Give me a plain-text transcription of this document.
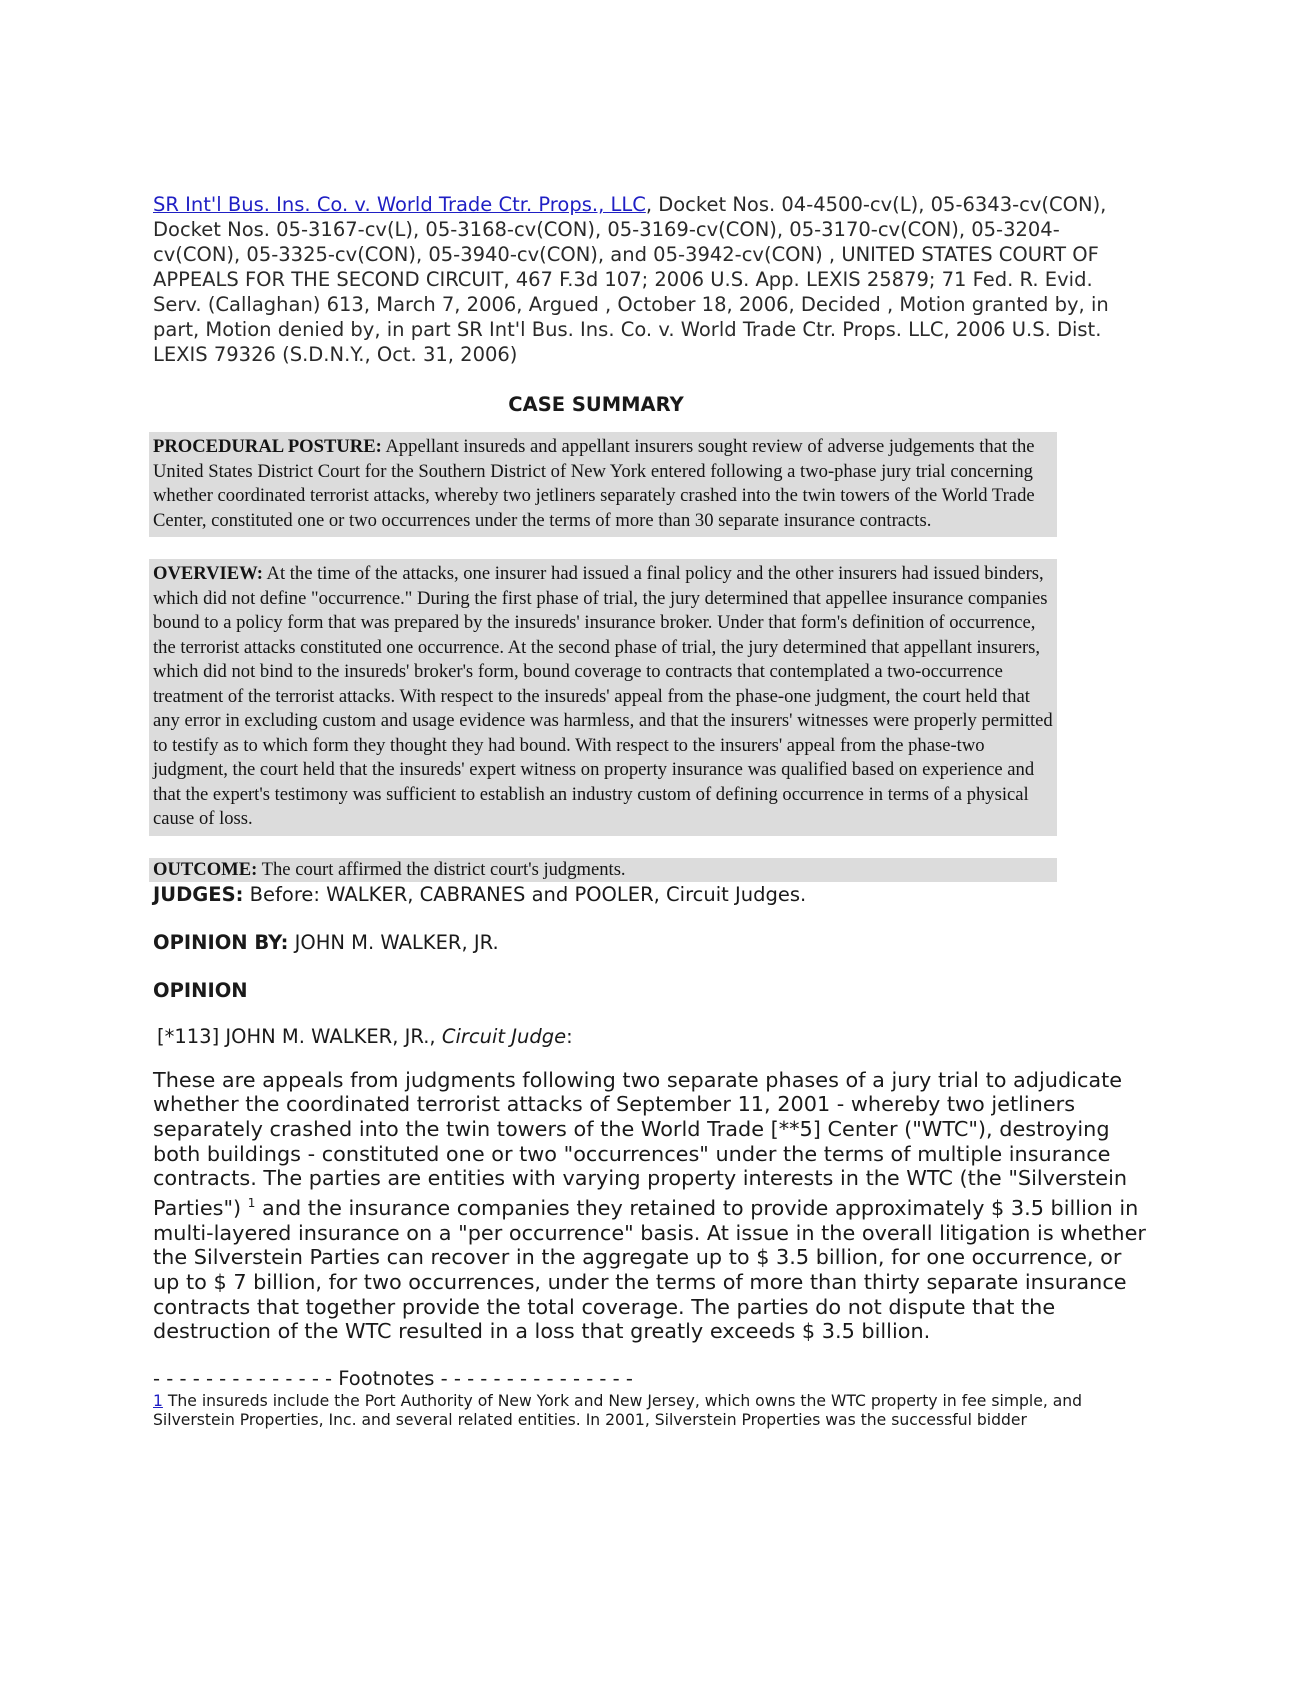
SR Int'l Bus. Ins. Co. v. World Trade Ctr. Props., LLC, Docket Nos. 04-4500-cv(L), 05-6343-cv(CON), Docket Nos. 05-3167-cv(L), 05-3168-cv(CON), 05-3169-cv(CON), 05-3170-cv(CON), 05-3204-cv(CON), 05-3325-cv(CON), 05-3940-cv(CON), and 05-3942-cv(CON) , UNITED STATES COURT OF APPEALS FOR THE SECOND CIRCUIT, 467 F.3d 107; 2006 U.S. App. LEXIS 25879; 71 Fed. R. Evid. Serv. (Callaghan) 613, March 7, 2006, Argued , October 18, 2006, Decided , Motion granted by, in part, Motion denied by, in part SR Int'l Bus. Ins. Co. v. World Trade Ctr. Props. LLC, 2006 U.S. Dist. LEXIS 79326 (S.D.N.Y., Oct. 31, 2006)

CASE SUMMARY
PROCEDURAL POSTURE: Appellant insureds and appellant insurers sought review of adverse judgements that the United States District Court for the Southern District of New York entered following a two-phase jury trial concerning whether coordinated terrorist attacks, whereby two jetliners separately crashed into the twin towers of the World Trade Center, constituted one or two occurrences under the terms of more than 30 separate insurance contracts.
OVERVIEW: At the time of the attacks, one insurer had issued a final policy and the other insurers had issued binders, which did not define "occurrence." During the first phase of trial, the jury determined that appellee insurance companies bound to a policy form that was prepared by the insureds' insurance broker. Under that form's definition of occurrence, the terrorist attacks constituted one occurrence. At the second phase of trial, the jury determined that appellant insurers, which did not bind to the insureds' broker's form, bound coverage to contracts that contemplated a two-occurrence treatment of the terrorist attacks. With respect to the insureds' appeal from the phase-one judgment, the court held that any error in excluding custom and usage evidence was harmless, and that the insurers' witnesses were properly permitted to testify as to which form they thought they had bound. With respect to the insurers' appeal from the phase-two judgment, the court held that the insureds' expert witness on property insurance was qualified based on experience and that the expert's testimony was sufficient to establish an industry custom of defining occurrence in terms of a physical cause of loss.
OUTCOME: The court affirmed the district court's judgments.

JUDGES: Before: WALKER, CABRANES and POOLER, Circuit Judges.

OPINION BY: JOHN M. WALKER, JR.

OPINION

[*113] JOHN M. WALKER, JR., Circuit Judge:

These are appeals from judgments following two separate phases of a jury trial to adjudicate whether the coordinated terrorist attacks of September 11, 2001 - whereby two jetliners separately crashed into the twin towers of the World Trade [**5] Center ("WTC"), destroying both buildings - constituted one or two "occurrences" under the terms of multiple insurance contracts. The parties are entities with varying property interests in the WTC (the "Silverstein Parties") $^1$ and the insurance companies they retained to provide approximately $ 3.5 billion in multi-layered insurance on a "per occurrence" basis. At issue in the overall litigation is whether the Silverstein Parties can recover in the aggregate up to $ 3.5 billion, for one occurrence, or up to $ 7 billion, for two occurrences, under the terms of more than thirty separate insurance contracts that together provide the total coverage. The parties do not dispute that the destruction of the WTC resulted in a loss that greatly exceeds $ 3.5 billion.

- - - - - - - - - - - - - - Footnotes - - - - - - - - - - - - - - -

1 The insureds include the Port Authority of New York and New Jersey, which owns the WTC property in fee simple, and Silverstein Properties, Inc. and several related entities. In 2001, Silverstein Properties was the successful bidder
